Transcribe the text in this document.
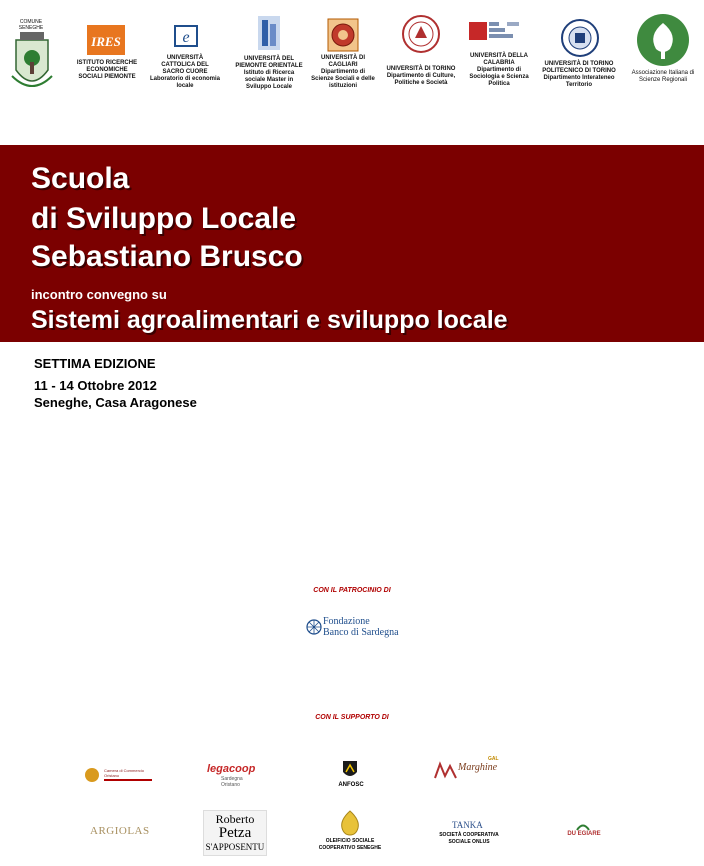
COMUNE SENEGHE
IRES
ISTITUTO RICERCHE ECONOMICHE SOCIALI PIEMONTE
e
UNIVERSITÀ CATTOLICA DEL SACRO CUORE Laboratorio di economia locale
UNIVERSITÀ DEL PIEMONTE ORIENTALE Istituto di Ricerca sociale Master in Sviluppo Locale
UNIVERSITÀ DI CAGLIARI Dipartimento di Scienze Sociali e delle istituzioni
UNIVERSITÀ DI TORINO Dipartimento di Culture, Politiche e Società
UNIVERSITÀ DELLA CALABRIA Dipartimento di Sociologia e Scienza Politica
UNIVERSITÀ DI TORINO POLITECNICO DI TORINO Dipartimento Interateneo Territorio
Associazione Italiana di Scienze Regionali
Scuola
di Sviluppo Locale
Sebastiano Brusco
incontro convegno su
Sistemi agroalimentari e sviluppo locale
SETTIMA EDIZIONE
11 - 14 Ottobre 2012
Seneghe, Casa Aragonese
CON IL PATROCINIO DI
Fondazione
Banco di Sardegna
CON IL SUPPORTO DI
Camera di Commercio Oristano
legacoop
Sardegna Oristano	ANFOSC
GAL
Marghine
ARGIOLAS
Roberto
Petza
S'APPOSENTU
OLEIFICIO SOCIALE COOPERATIVO SENEGHE
TANKA
SOCIETÀ COOPERATIVA SOCIALE ONLUS
DU EGIARE
